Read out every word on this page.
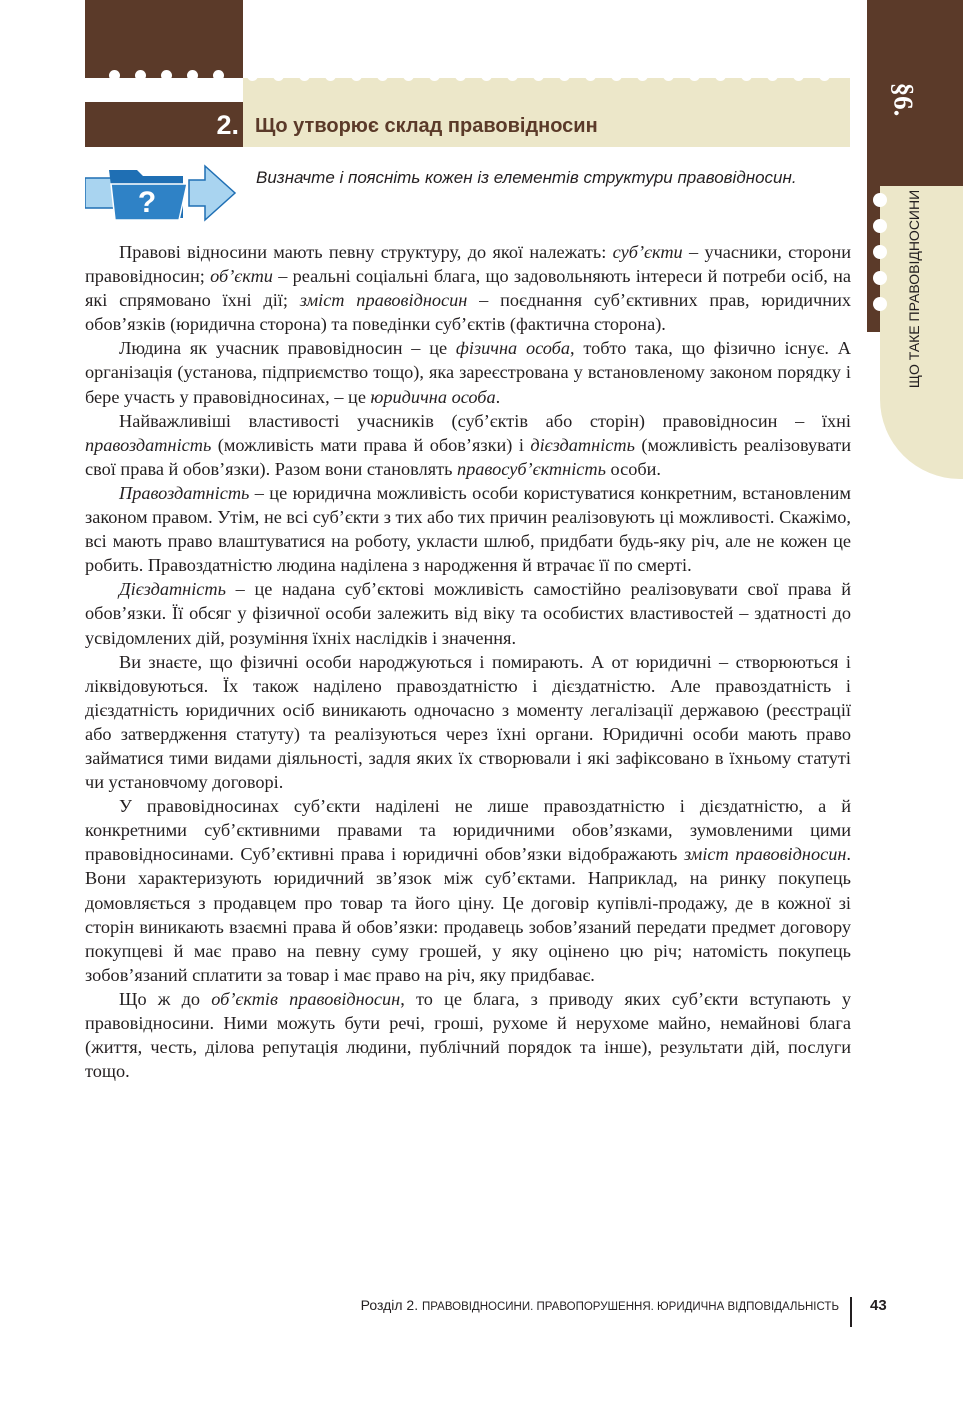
2. Що утворює склад правовідносин
?
Визначте і поясніть кожен із елементів структури правовідносин.

Правові відносини мають певну структуру, до якої належать: суб’єкти – учасники, сторони правовідносин; об’єкти – реальні соціальні блага, що задовольняють інтереси й потреби осіб, на які спрямовано їхні дії; зміст правовідносин – поєднання суб’єктивних прав, юридичних обов’язків (юридична сторона) та поведінки суб’єктів (фактична сторона).

Людина як учасник правовідносин – це фізична особа, тобто така, що фізично існує. А організація (установа, підприємство тощо), яка зареєстрована у встановленому законом порядку і бере участь у правовідносинах, – це юридична особа.

Найважливіші властивості учасників (суб’єктів або сторін) правовідносин – їхні правоздатність (можливість мати права й обов’язки) і дієздатність (можливість реалізовувати свої права й обов’язки). Разом вони становлять правосуб’єктність особи.

Правоздатність – це юридична можливість особи користуватися конкретним, встановленим законом правом. Утім, не всі суб’єкти з тих або тих причин реалізовують ці можливості. Скажімо, всі мають право влаштуватися на роботу, укласти шлюб, придбати будь-яку річ, але не кожен це робить. Правоздатністю людина наділена з народження й втрачає її по смерті.

Дієздатність – це надана суб’єктові можливість самостійно реалізовувати свої права й обов’язки. Її обсяг у фізичної особи залежить від віку та особистих властивостей – здатності до усвідомлених дій, розуміння їхніх наслідків і значення.

Ви знаєте, що фізичні особи народжуються і помирають. А от юридичні – створюються і ліквідовуються. Їх також наділено правоздатністю і дієздатністю. Але правоздатність і дієздатність юридичних осіб виникають одночасно з моменту легалізації державою (реєстрації або затвердження статуту) та реалізуються через їхні органи. Юридичні особи мають право займатися тими видами діяльності, задля яких їх створювали і які зафіксовано в їхньому статуті чи установчому договорі.

У правовідносинах суб’єкти наділені не лише правоздатністю і дієздатністю, а й конкретними суб’єктивними правами та юридичними обов’язками, зумовленими цими правовідносинами. Суб’єктивні права і юридичні обов’язки відображають зміст правовідносин. Вони характеризують юридичний зв’язок між суб’єктами. Наприклад, на ринку покупець домовляється з продавцем про товар та його ціну. Це договір купівлі-продажу, де в кожної зі сторін виникають взаємні права й обов’язки: продавець зобов’язаний передати предмет договору покупцеві й має право на певну суму грошей, у яку оцінено цю річ; натомість покупець зобов’язаний сплатити за товар і має право на річ, яку придбаває.

Що ж до об’єктів правовідносин, то це блага, з приводу яких суб’єкти вступають у правовідносини. Ними можуть бути речі, гроші, рухоме й нерухоме майно, немайнові блага (життя, честь, ділова репутація людини, публічний порядок та інше), результати дій, послуги тощо.

§6.
ЩО ТАКЕ ПРАВОВІДНОСИНИ
Розділ 2. ПРАВОВІДНОСИНИ. ПРАВОПОРУШЕННЯ. ЮРИДИЧНА ВІДПОВІДАЛЬНІСТЬ 43
